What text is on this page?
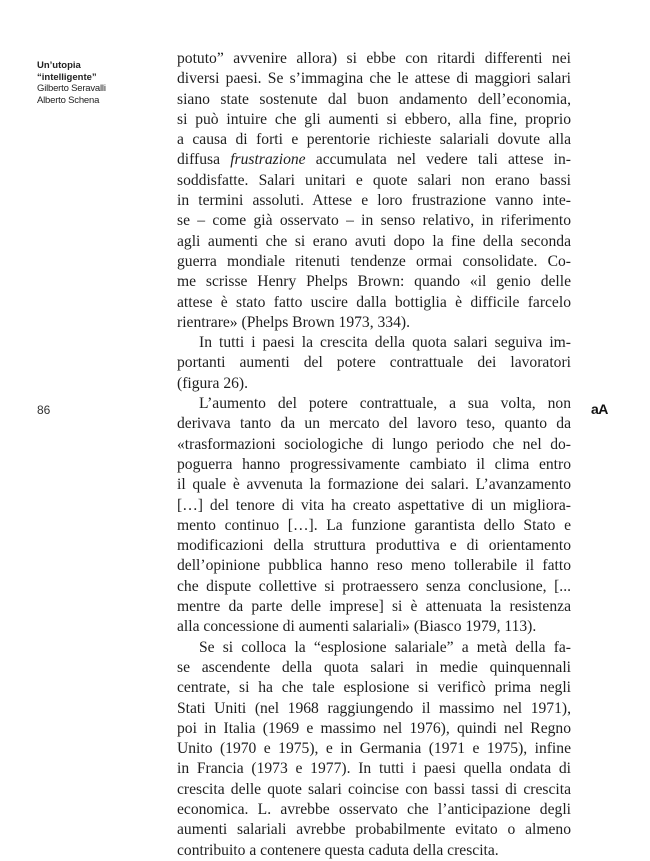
Un’utopia
“intelligente”
Gilberto Seravalli
Alberto Schena
86	aA
potuto” avvenire allora) si ebbe con ritardi differenti nei
diversi paesi. Se s’immagina che le attese di maggiori salari
siano state sostenute dal buon andamento dell’economia,
si può intuire che gli aumenti si ebbero, alla fine, proprio
a causa di forti e perentorie richieste salariali dovute alla
diffusa frustrazione accumulata nel vedere tali attese in-
soddisfatte. Salari unitari e quote salari non erano bassi
in termini assoluti. Attese e loro frustrazione vanno inte-
se – come già osservato – in senso relativo, in riferimento
agli aumenti che si erano avuti dopo la fine della seconda
guerra mondiale ritenuti tendenze ormai consolidate. Co-
me scrisse Henry Phelps Brown: quando «il genio delle
attese è stato fatto uscire dalla bottiglia è difficile farcelo
rientrare» (Phelps Brown 1973, 334).
In tutti i paesi la crescita della quota salari seguiva im-
portanti aumenti del potere contrattuale dei lavoratori
(figura 26).
L’aumento del potere contrattuale, a sua volta, non
derivava tanto da un mercato del lavoro teso, quanto da
«trasformazioni sociologiche di lungo periodo che nel do-
poguerra hanno progressivamente cambiato il clima entro
il quale è avvenuta la formazione dei salari. L’avanzamento
[…] del tenore di vita ha creato aspettative di un migliora-
mento continuo […]. La funzione garantista dello Stato e
modificazioni della struttura produttiva e di orientamento
dell’opinione pubblica hanno reso meno tollerabile il fatto
che dispute collettive si protraessero senza conclusione, [...
mentre da parte delle imprese] si è attenuata la resistenza
alla concessione di aumenti salariali» (Biasco 1979, 113).
Se si colloca la “esplosione salariale” a metà della fa-
se ascendente della quota salari in medie quinquennali
centrate, si ha che tale esplosione si verificò prima negli
Stati Uniti (nel 1968 raggiungendo il massimo nel 1971),
poi in Italia (1969 e massimo nel 1976), quindi nel Regno
Unito (1970 e 1975), e in Germania (1971 e 1975), infine
in Francia (1973 e 1977). In tutti i paesi quella ondata di
crescita delle quote salari coincise con bassi tassi di crescita
economica. L. avrebbe osservato che l’anticipazione degli
aumenti salariali avrebbe probabilmente evitato o almeno
contribuito a contenere questa caduta della crescita.
